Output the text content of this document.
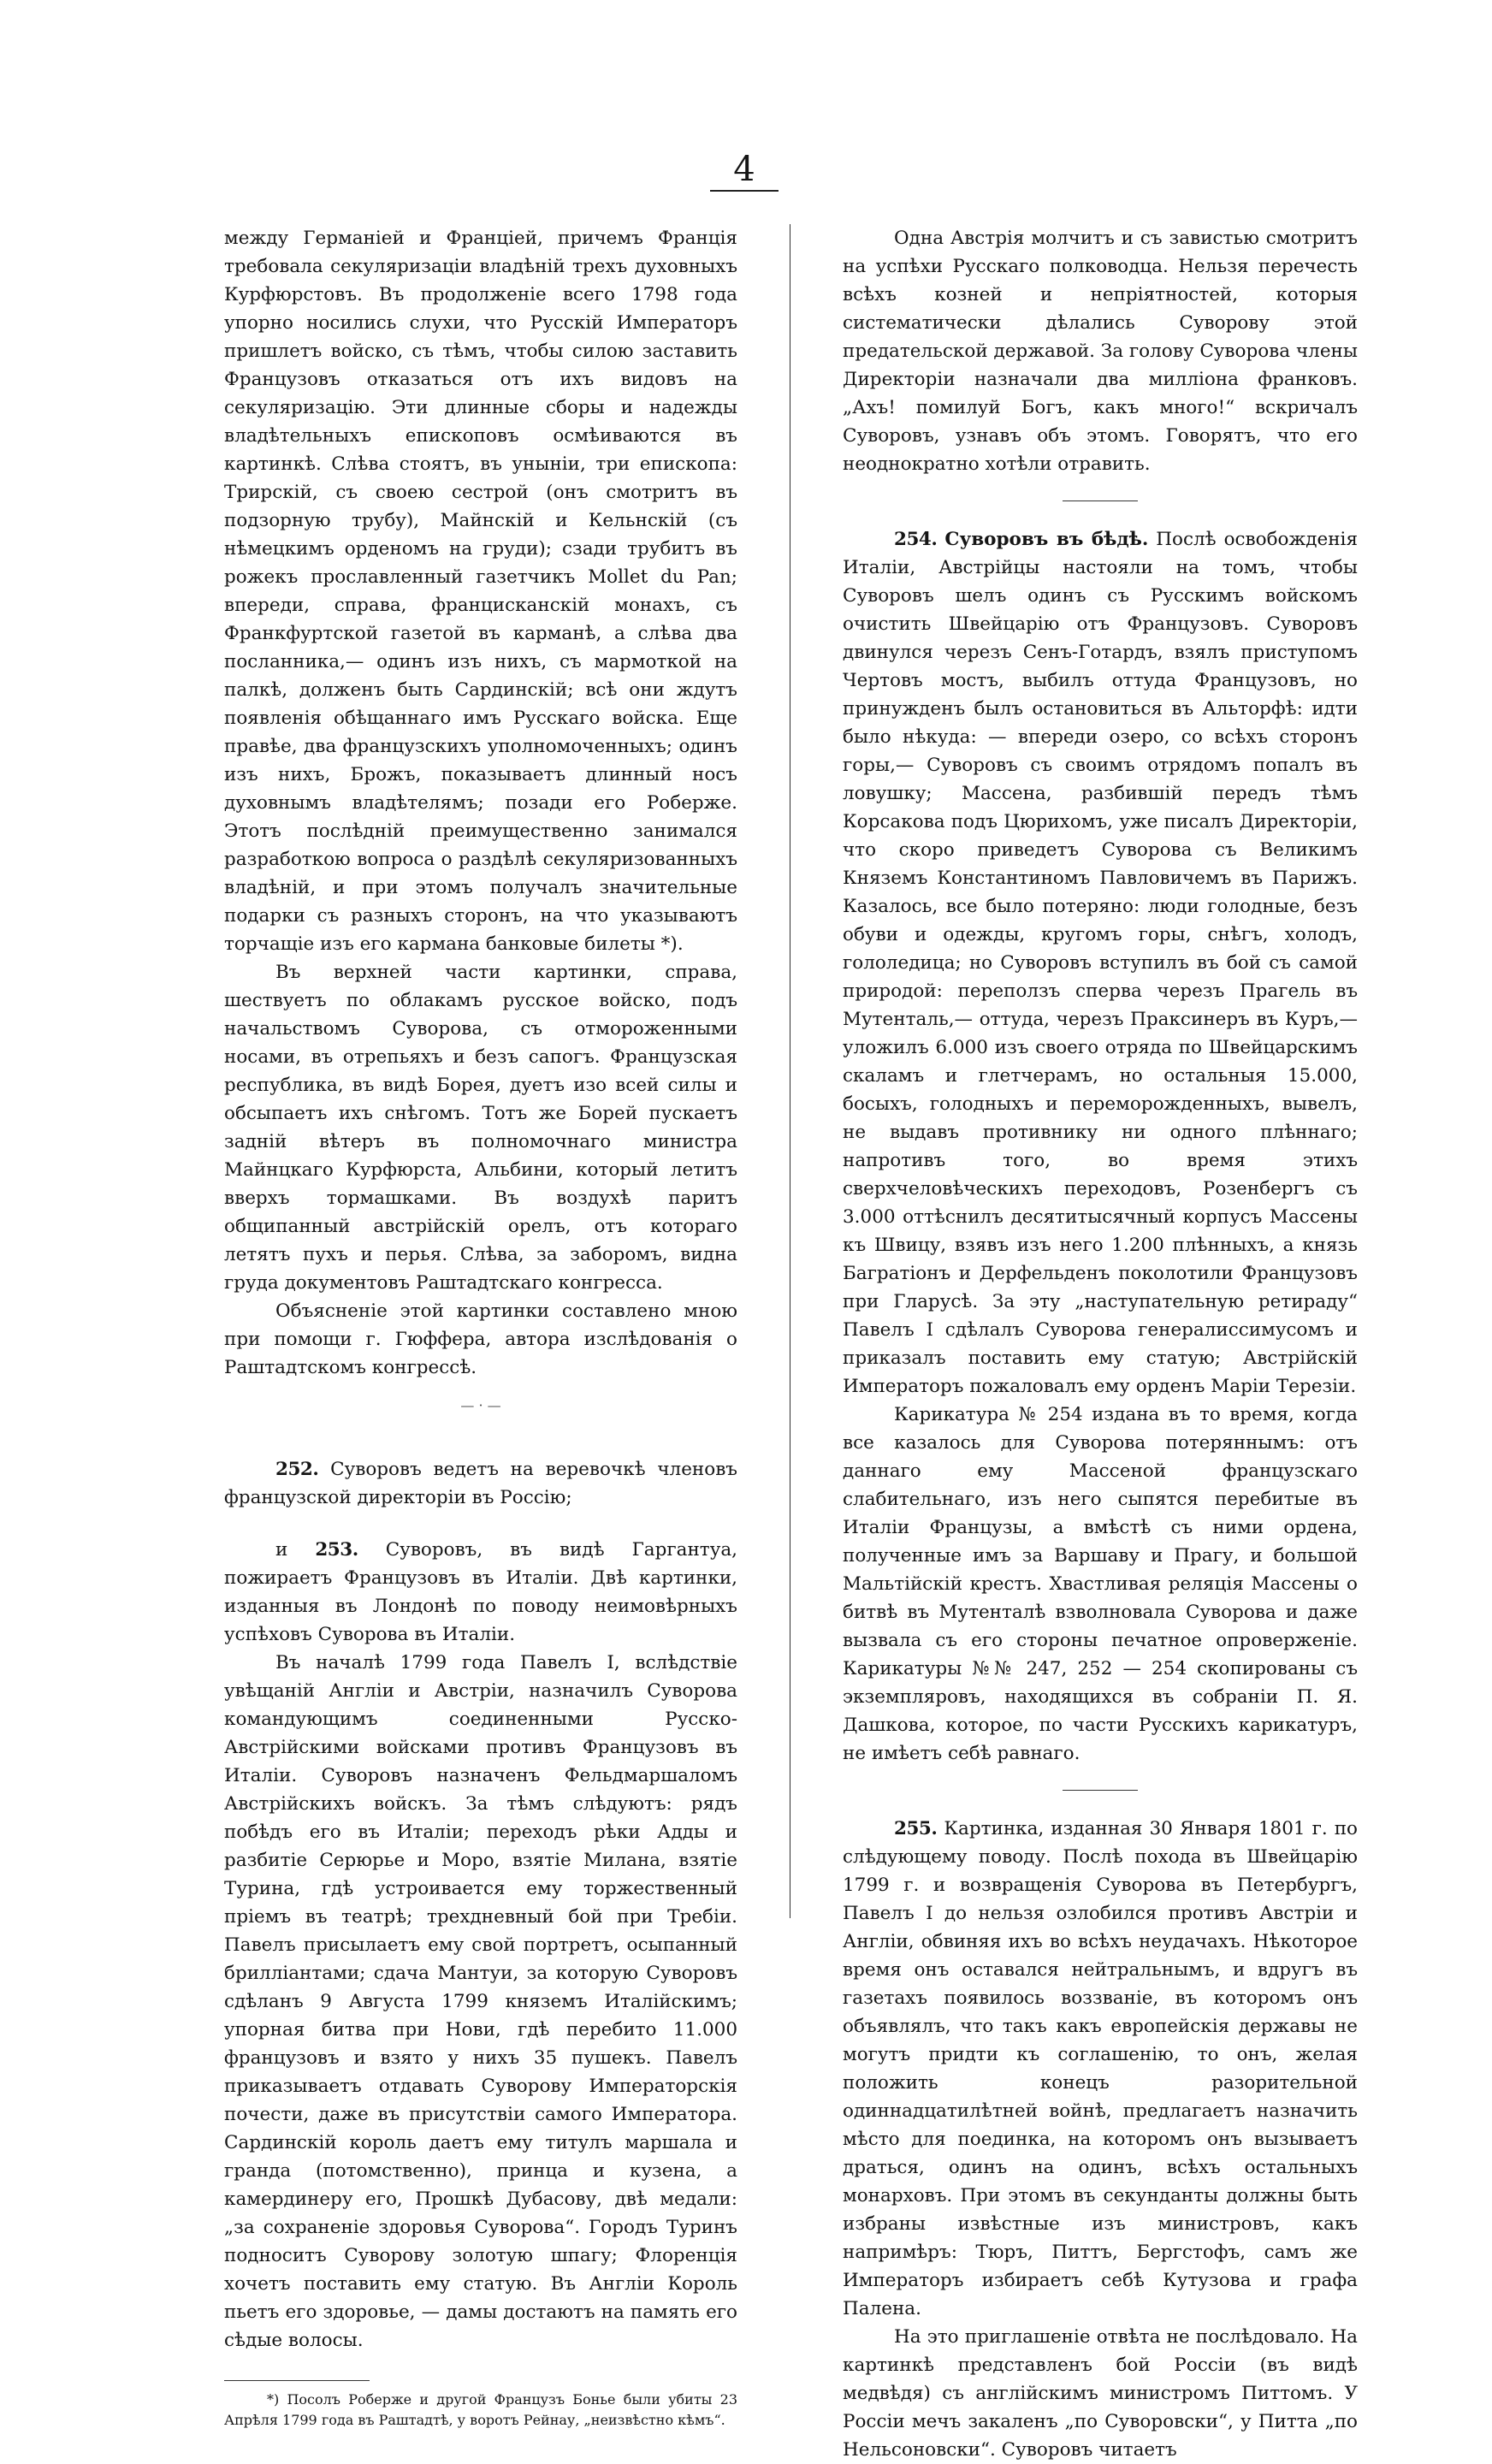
4

между Германіей и Франціей, причемъ Франція требовала секуляризаціи владѣній трехъ духовныхъ Курфюрстовъ. Въ продолженіе всего 1798 года упорно носились слухи, что Русскій Императоръ пришлетъ войско, съ тѣмъ, чтобы силою заставить Французовъ отказаться отъ ихъ видовъ на секуляризацію. Эти длинные сборы и надежды владѣтельныхъ епископовъ осмѣиваются въ картинкѣ. Слѣва стоятъ, въ уныніи, три епископа: Трирскій, съ своею сестрой (онъ смотритъ въ подзорную трубу), Майнскій и Кельнскій (съ нѣмецкимъ орденомъ на груди); сзади трубитъ въ рожекъ прославленный газетчикъ Mollet du Pan; впереди, справа, францисканскій монахъ, съ Франкфуртской газетой въ карманѣ, а слѣва два посланника,— одинъ изъ нихъ, съ мармоткой на палкѣ, долженъ быть Сардинскій; всѣ они ждутъ появленія обѣщаннаго имъ Русскаго войска. Еще правѣе, два французскихъ уполномоченныхъ; одинъ изъ нихъ, Брожъ, показываетъ длинный носъ духовнымъ владѣтелямъ; позади его Роберже. Этотъ послѣдній преимущественно занимался разработкою вопроса о раздѣлѣ секуляризованныхъ владѣній, и при этомъ получалъ значительные подарки съ разныхъ сторонъ, на что указываютъ торчащіе изъ его кармана банковые билеты *).

Въ верхней части картинки, справа, шествуетъ по облакамъ русское войско, подъ начальствомъ Суворова, съ отмороженными носами, въ отрепьяхъ и безъ сапогъ. Французская республика, въ видѣ Борея, дуетъ изо всей силы и обсыпаетъ ихъ снѣгомъ. Тотъ же Борей пускаетъ задній вѣтеръ въ полномочнаго министра Майнцкаго Курфюрста, Альбини, который летитъ вверхъ тормашками. Въ воздухѣ паритъ общипанный австрійскій орелъ, отъ котораго летятъ пухъ и перья. Слѣва, за заборомъ, видна груда документовъ Раштадтскаго конгресса.

Объясненіе этой картинки составлено мною при помощи г. Гюффера, автора изслѣдованія о Раштадтскомъ конгрессѣ.

— · —

252. Суворовъ ведетъ на веревочкѣ членовъ французской директоріи въ Россію;

и 253. Суворовъ, въ видѣ Гаргантуа, пожираетъ Французовъ въ Италіи. Двѣ картинки, изданныя въ Лондонѣ по поводу неимовѣрныхъ успѣховъ Суворова въ Италіи.

Въ началѣ 1799 года Павелъ I, вслѣдствіе увѣщаній Англіи и Австріи, назначилъ Суворова командующимъ соединенными Русско-Австрійскими войсками противъ Французовъ въ Италіи. Суворовъ назначенъ Фельдмаршаломъ Австрійскихъ войскъ. За тѣмъ слѣдуютъ: рядъ побѣдъ его въ Италіи; переходъ рѣки Адды и разбитіе Серюрье и Моро, взятіе Милана, взятіе Турина, гдѣ устроивается ему торжественный пріемъ въ театрѣ; трехдневный бой при Требіи. Павелъ присылаетъ ему свой портретъ, осыпанный бриллiантами; сдача Мантуи, за которую Суворовъ сдѣланъ 9 Августа 1799 княземъ Италійскимъ; упорная битва при Нови, гдѣ перебито 11.000 французовъ и взято у нихъ 35 пушекъ. Павелъ приказываетъ отдавать Суворову Императорскія почести, даже въ присутствіи самого Императора. Сардинскій король даетъ ему титулъ маршала и гранда (потомственно), принца и кузена, а камердинеру его, Прошкѣ Дубасову, двѣ медали: „за сохраненіе здоровья Суворова“. Городъ Туринъ подноситъ Суворову золотую шпагу; Флоренція хочетъ поставить ему статую. Въ Англіи Король пьетъ его здоровье, — дамы достаютъ на память его сѣдые волосы.

*) Посолъ Роберже и другой Французъ Боньe были убиты 23 Апрѣля 1799 года въ Раштадтѣ, у воротъ Рейнау, „неизвѣстно кѣмъ“.

Одна Австрія молчитъ и съ завистью смотритъ на успѣхи Русскаго полководца. Нельзя перечесть всѣхъ козней и непріятностей, которыя систематически дѣлались Суворову этой предательской державой. За голову Суворова члены Директоріи назначали два милліона франковъ. „Ахъ! помилуй Богъ, какъ много!“ вскричалъ Суворовъ, узнавъ объ этомъ. Говорятъ, что его неоднократно хотѣли отравить.

254. Суворовъ въ бѣдѣ. Послѣ освобожденія Италіи, Австрійцы настояли на томъ, чтобы Суворовъ шелъ одинъ съ Русскимъ войскомъ очистить Швейцарію отъ Французовъ. Суворовъ двинулся черезъ Сенъ-Готардъ, взялъ приступомъ Чертовъ мостъ, выбилъ оттуда Французовъ, но принужденъ былъ остановиться въ Альторфѣ: идти было нѣкуда: — впереди озеро, со всѣхъ сторонъ горы,— Суворовъ съ своимъ отрядомъ попалъ въ ловушку; Массена, разбившій передъ тѣмъ Корсакова подъ Цюрихомъ, уже писалъ Директоріи, что скоро приведетъ Суворова съ Великимъ Княземъ Константиномъ Павловичемъ въ Парижъ. Казалось, все было потеряно: люди голодные, безъ обуви и одежды, кругомъ горы, снѣгъ, холодъ, гололедица; но Суворовъ вступилъ въ бой съ самой природой: переползъ сперва черезъ Прагель въ Мутенталь,— оттуда, черезъ Праксинеръ въ Куръ,— уложилъ 6.000 изъ своего отряда по Швейцарскимъ скаламъ и глетчерамъ, но остальныя 15.000, босыхъ, голодныхъ и переморожденныхъ, вывелъ, не выдавъ противнику ни одного плѣннаго; напротивъ того, во время этихъ сверхчеловѣческихъ переходовъ, Розенбергъ съ 3.000 оттѣснилъ десятитысячный корпусъ Массены къ Швицу, взявъ изъ него 1.200 плѣнныхъ, а князь Багратіонъ и Дерфельденъ поколотили Французовъ при Гларусѣ. За эту „наступательную ретираду“ Павелъ I сдѣлалъ Суворова генералиссимусомъ и приказалъ поставить ему статую; Австрійскій Императоръ пожаловалъ ему орденъ Маріи Терезіи.

Карикатура № 254 издана въ то время, когда все казалось для Суворова потеряннымъ: отъ даннаго ему Массеной французскаго слабительнаго, изъ него сыпятся перебитые въ Италіи Французы, а вмѣстѣ съ ними ордена, полученные имъ за Варшаву и Прагу, и большой Мальтійскій крестъ. Хвастливая реляція Массены о битвѣ въ Мутенталѣ взволновала Суворова и даже вызвала съ его стороны печатное опроверженіе. Карикатуры №№ 247, 252 — 254 скопированы съ экземпляровъ, находящихся въ собраніи П. Я. Дашкова, которое, по части Русскихъ карикатуръ, не имѣетъ себѣ равнаго.

255. Картинка, изданная 30 Января 1801 г. по слѣдующему поводу. Послѣ похода въ Швейцарію 1799 г. и возвращенія Суворова въ Петербургъ, Павелъ I до нельзя озлобился противъ Австріи и Англіи, обвиняя ихъ во всѣхъ неудачахъ. Нѣкоторое время онъ оставался нейтральнымъ, и вдругъ въ газетахъ появилось воззваніе, въ которомъ онъ объявлялъ, что такъ какъ европейскія державы не могутъ придти къ соглашенію, то онъ, желая положить конецъ разорительной одиннадцатилѣтней войнѣ, предлагаетъ назначить мѣсто для поединка, на которомъ онъ вызываетъ драться, одинъ на одинъ, всѣхъ остальныхъ монарховъ. При этомъ въ секунданты должны быть избраны извѣстные изъ министровъ, какъ напримѣръ: Тюръ, Питтъ, Бергстофъ, самъ же Императоръ избираетъ себѣ Кутузова и графа Палена.

На это приглашеніе отвѣта не послѣдовало. На картинкѣ представленъ бой Россіи (въ видѣ медвѣдя) съ англійскимъ министромъ Питтомъ. У Россіи мечъ закаленъ „по Суворовски“, у Питта „по Нельсоновски“. Суворовъ читаетъ
